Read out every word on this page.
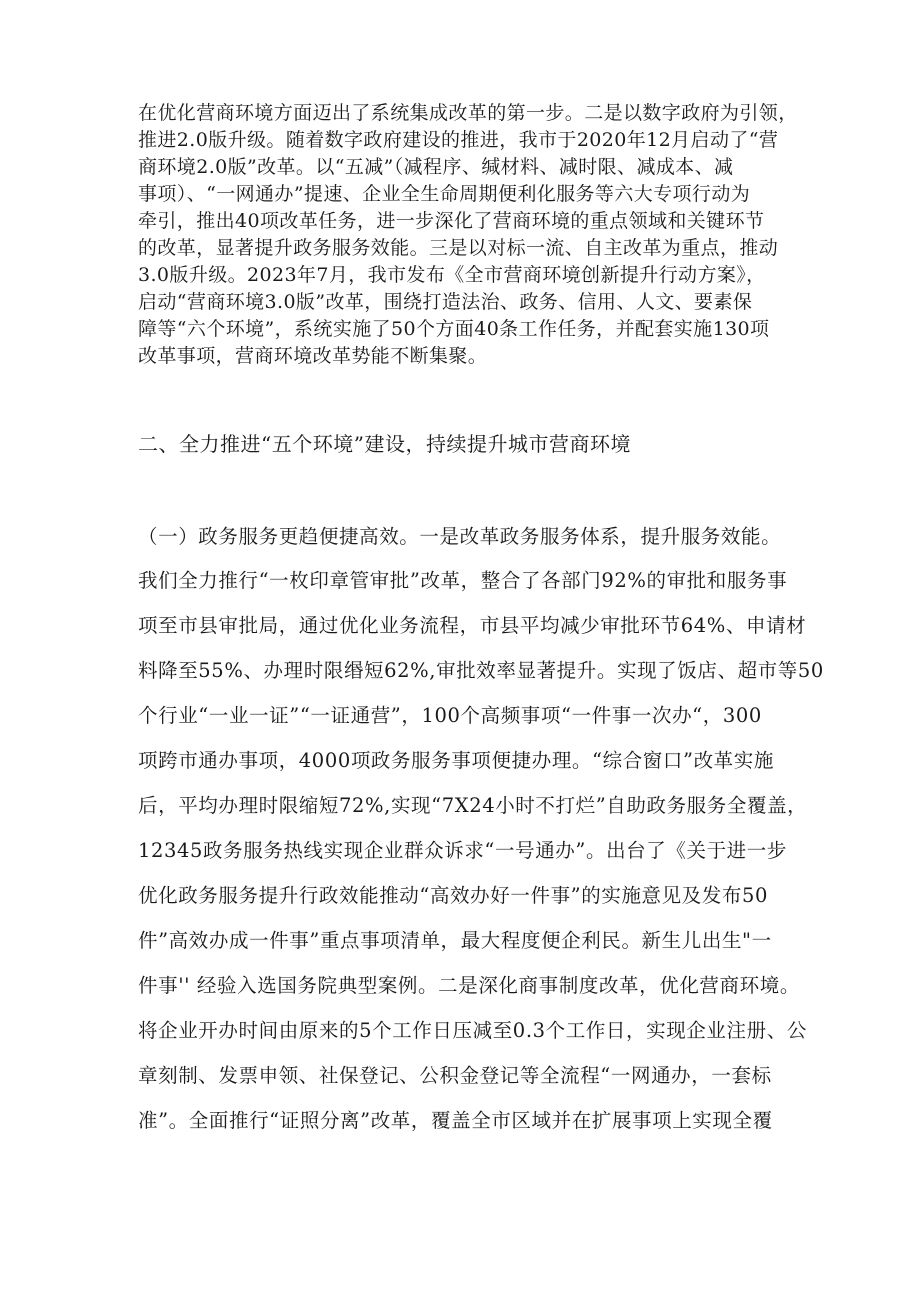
在优化营商环境方面迈出了系统集成改革的第一步。二是以数字政府为引领，
推进2.0版升级。随着数字政府建设的推进，我市于2020年12月启动了“营
商环境2.0版”改革。以“五减”（减程序、缄材料、减时限、减成本、减
事项）、“一网通办”提速、企业全生命周期便利化服务等六大专项行动为
牵引，推出40项改革任务，进一步深化了营商环境的重点领域和关键环节
的改革，显著提升政务服务效能。三是以对标一流、自主改革为重点，推动
3.0版升级。2023年7月，我市发布《全市营商环境创新提升行动方案》，
启动“营商环境3.0版”改革，围绕打造法治、政务、信用、人文、要素保
障等“六个环境”，系统实施了50个方面40条工作任务，并配套实施130项
改革事项，营商环境改革势能不断集聚。
二、全力推进“五个环境”建设，持续提升城市营商环境
（一）政务服务更趋便捷高效。一是改革政务服务体系，提升服务效能。
我们全力推行“一枚印章管审批”改革，整合了各部门92%的审批和服务事
项至市县审批局，通过优化业务流程，市县平均减少审批环节64%、申请材
料降至55%、办理时限缗短62%,审批效率显著提升。实现了饭店、超市等50
个行业“一业一证”“一证通营”，100个高频事项“一件事一次办“，300
项跨市通办事项，4000项政务服务事项便捷办理。“综合窗口”改革实施
后，平均办理时限缩短72%,实现“7X24小时不打烂”自助政务服务全覆盖，
12345政务服务热线实现企业群众诉求“一号通办”。出台了《关于进一步
优化政务服务提升行政效能推动“高效办好一件事”的实施意见及发布50
件”高效办成一件事”重点事项清单，最大程度便企利民。新生儿出生"一
件事'' 经验入选国务院典型案例。二是深化商事制度改革，优化营商环境。
将企业开办时间由原来的5个工作日压减至0.3个工作日，实现企业注册、公
章刻制、发票申领、社保登记、公积金登记等全流程“一网通办，一套标
准”。全面推行“证照分离”改革，覆盖全市区域并在扩展事项上实现全覆
